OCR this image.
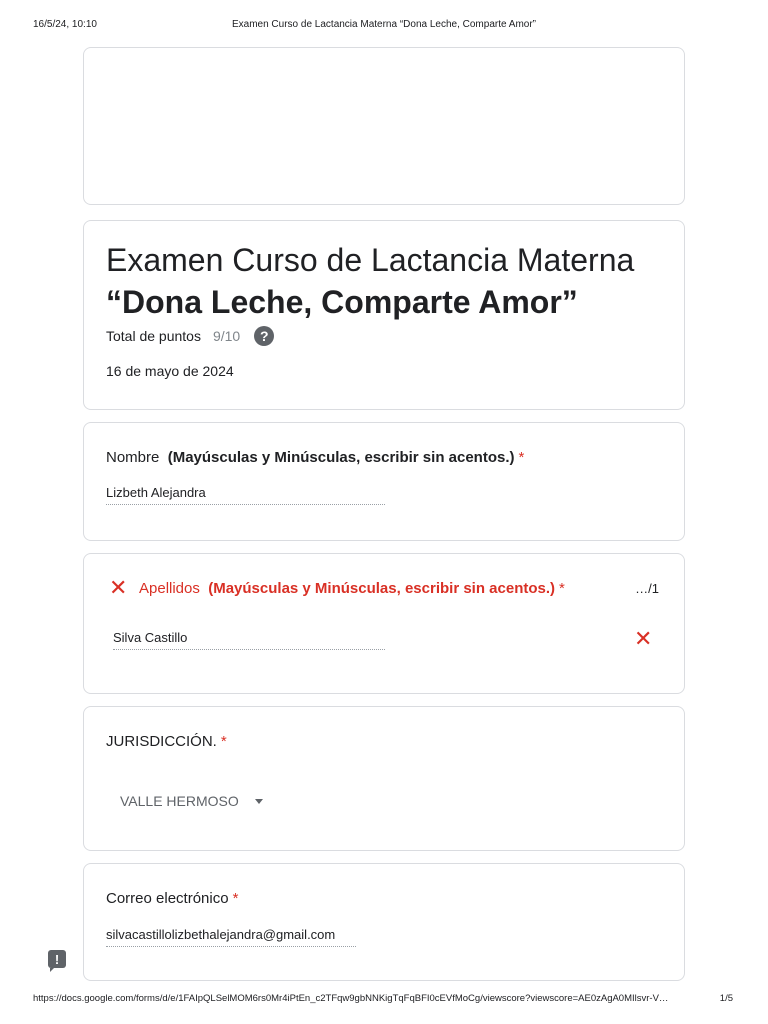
16/5/24, 10:10	Examen Curso de Lactancia Materna “Dona Leche, Comparte Amor”
Examen Curso de Lactancia Materna “Dona Leche, Comparte Amor”
Total de puntos 9/10	?
16 de mayo de 2024
Nombre (Mayúsculas y Minúsculas, escribir sin acentos.) *
Lizbeth Alejandra
✕ Apellidos (Mayúsculas y Minúsculas, escribir sin acentos.) *	…/1
Silva Castillo	✕
JURISDICCIÓN. *
VALLE HERMOSO
Correo electrónico *
silvacastillolizbethalejandra@gmail.com
!
https://docs.google.com/forms/d/e/1FAIpQLSelMOM6rs0Mr4iPtEn_c2TFqw9gbNNKigTqFqBFI0cEVfMoCg/viewscore?viewscore=AE0zAgA0MIlsvr-V…	1/5
